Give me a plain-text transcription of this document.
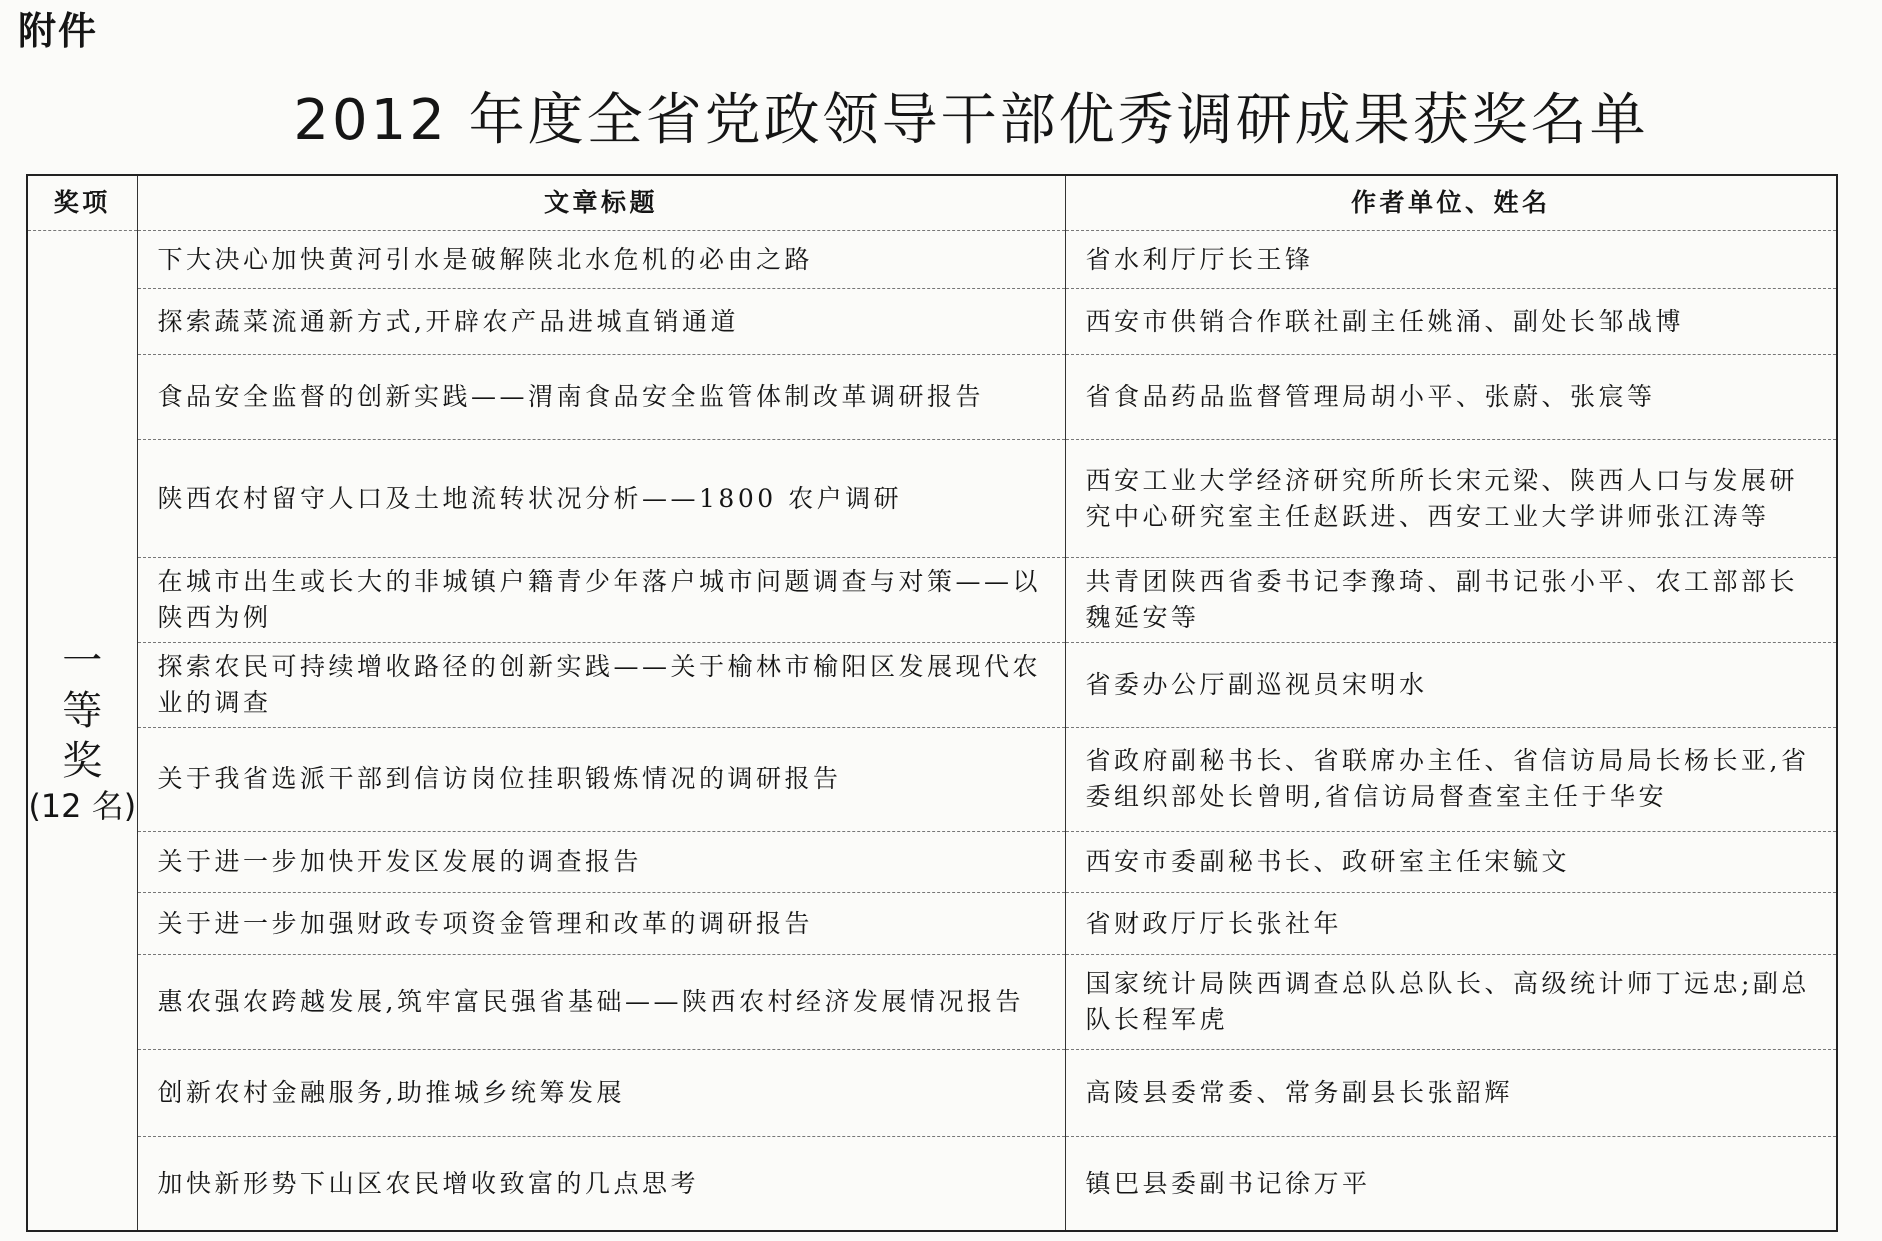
附件
2012 年度全省党政领导干部优秀调研成果获奖名单
奖项	文章标题	作者单位、姓名

一
等
奖
(12 名)	下大决心加快黄河引水是破解陕北水危机的必由之路	省水利厅厅长王锋
	探索蔬菜流通新方式,开辟农产品进城直销通道	西安市供销合作联社副主任姚涌、副处长邹战博
	食品安全监督的创新实践——渭南食品安全监管体制改革调研报告	省食品药品监督管理局胡小平、张蔚、张宸等
	陕西农村留守人口及土地流转状况分析——1800 农户调研	西安工业大学经济研究所所长宋元梁、陕西人口与发展研究中心研究室主任赵跃进、西安工业大学讲师张江涛等
	在城市出生或长大的非城镇户籍青少年落户城市问题调查与对策——以陕西为例	共青团陕西省委书记李豫琦、副书记张小平、农工部部长魏延安等
	探索农民可持续增收路径的创新实践——关于榆林市榆阳区发展现代农业的调查	省委办公厅副巡视员宋明水
	关于我省选派干部到信访岗位挂职锻炼情况的调研报告	省政府副秘书长、省联席办主任、省信访局局长杨长亚,省委组织部处长曾明,省信访局督查室主任于华安
	关于进一步加快开发区发展的调查报告	西安市委副秘书长、政研室主任宋毓文
	关于进一步加强财政专项资金管理和改革的调研报告	省财政厅厅长张社年
	惠农强农跨越发展,筑牢富民强省基础——陕西农村经济发展情况报告	国家统计局陕西调查总队总队长、高级统计师丁远忠;副总队长程军虎
	创新农村金融服务,助推城乡统筹发展	高陵县委常委、常务副县长张韶辉
	加快新形势下山区农民增收致富的几点思考	镇巴县委副书记徐万平
